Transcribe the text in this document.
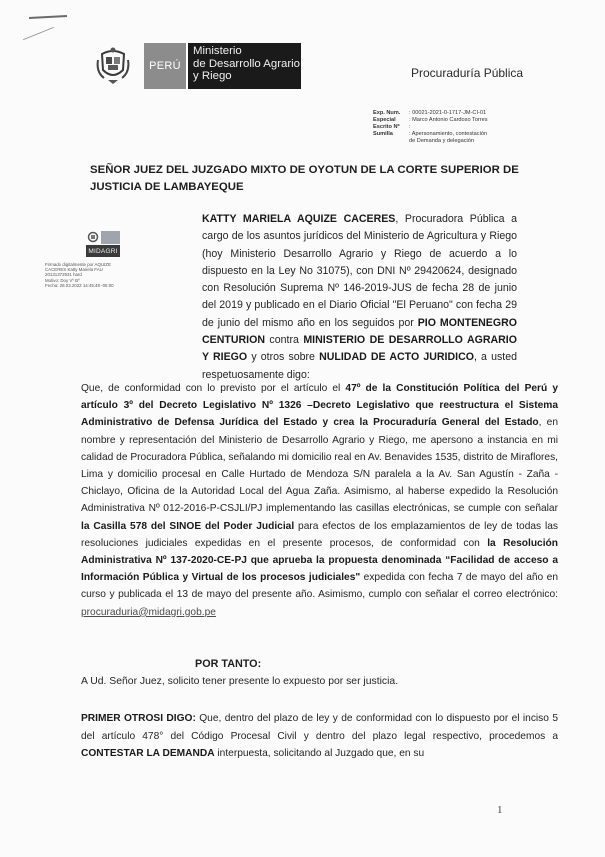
PERÚ
Ministerio
de Desarrollo Agrario
y Riego	Procuraduría Pública
Exp. Num.	: 00021-2021-0-1717-JM-CI-01
Especial	: Marco Antonio Cardoso Torres
Escrito Nº	:
Sumilla	: Apersonamiento, contestación
de Demanda y delegación
SEÑOR JUEZ DEL JUZGADO MIXTO DE OYOTUN DE LA CORTE SUPERIOR DE JUSTICIA DE LAMBAYEQUE
MIDAGRI
Firmado digitalmente por AQUIZE
CACERES Katty Mariela FAU
20131372931 hard
Motivo: Doy Vº Bº
Fecha: 28.03.2022 14:45:48 -05:00
KATTY MARIELA AQUIZE CACERES, Procuradora Pública a cargo de los asuntos jurídicos del Ministerio de Agricultura y Riego (hoy Ministerio Desarrollo Agrario y Riego de acuerdo a lo dispuesto en la Ley No 31075), con DNI Nº 29420624, designado con Resolución Suprema Nº 146-2019-JUS de fecha 28 de junio del 2019 y publicado en el Diario Oficial "El Peruano" con fecha 29 de junio del mismo año en los seguidos por PIO MONTENEGRO CENTURION contra MINISTERIO DE DESARROLLO AGRARIO Y RIEGO y otros sobre NULIDAD DE ACTO JURIDICO, a usted respetuosamente digo:
Que, de conformidad con lo previsto por el artículo el 47º de la Constitución Política del Perú y artículo 3º del Decreto Legislativo Nº 1326 –Decreto Legislativo que reestructura el Sistema Administrativo de Defensa Jurídica del Estado y crea la Procuraduría General del Estado, en nombre y representación del Ministerio de Desarrollo Agrario y Riego, me apersono a instancia en mi calidad de Procuradora Pública, señalando mi domicilio real en Av. Benavides 1535, distrito de Miraflores, Lima y domicilio procesal en Calle Hurtado de Mendoza S/N paralela a la Av. San Agustín - Zaña - Chiclayo, Oficina de la Autoridad Local del Agua Zaña. Asimismo, al haberse expedido la Resolución Administrativa Nº 012-2016-P-CSJLI/PJ implementando las casillas electrónicas, se cumple con señalar la Casilla 578 del SINOE del Poder Judicial para efectos de los emplazamientos de ley de todas las resoluciones judiciales expedidas en el presente procesos, de conformidad con la Resolución Administrativa Nº 137-2020-CE-PJ que aprueba la propuesta denominada “Facilidad de acceso a Información Pública y Virtual de los procesos judiciales" expedida con fecha 7 de mayo del año en curso y publicada el 13 de mayo del presente año. Asimismo, cumplo con señalar el correo electrónico: procuraduria@midagri.gob.pe
POR TANTO:
A Ud. Señor Juez, solicito tener presente lo expuesto por ser justicia.
PRIMER OTROSI DIGO: Que, dentro del plazo de ley y de conformidad con lo dispuesto por el inciso 5 del artículo 478° del Código Procesal Civil y dentro del plazo legal respectivo, procedemos a CONTESTAR LA DEMANDA interpuesta, solicitando al Juzgado que, en su
1
